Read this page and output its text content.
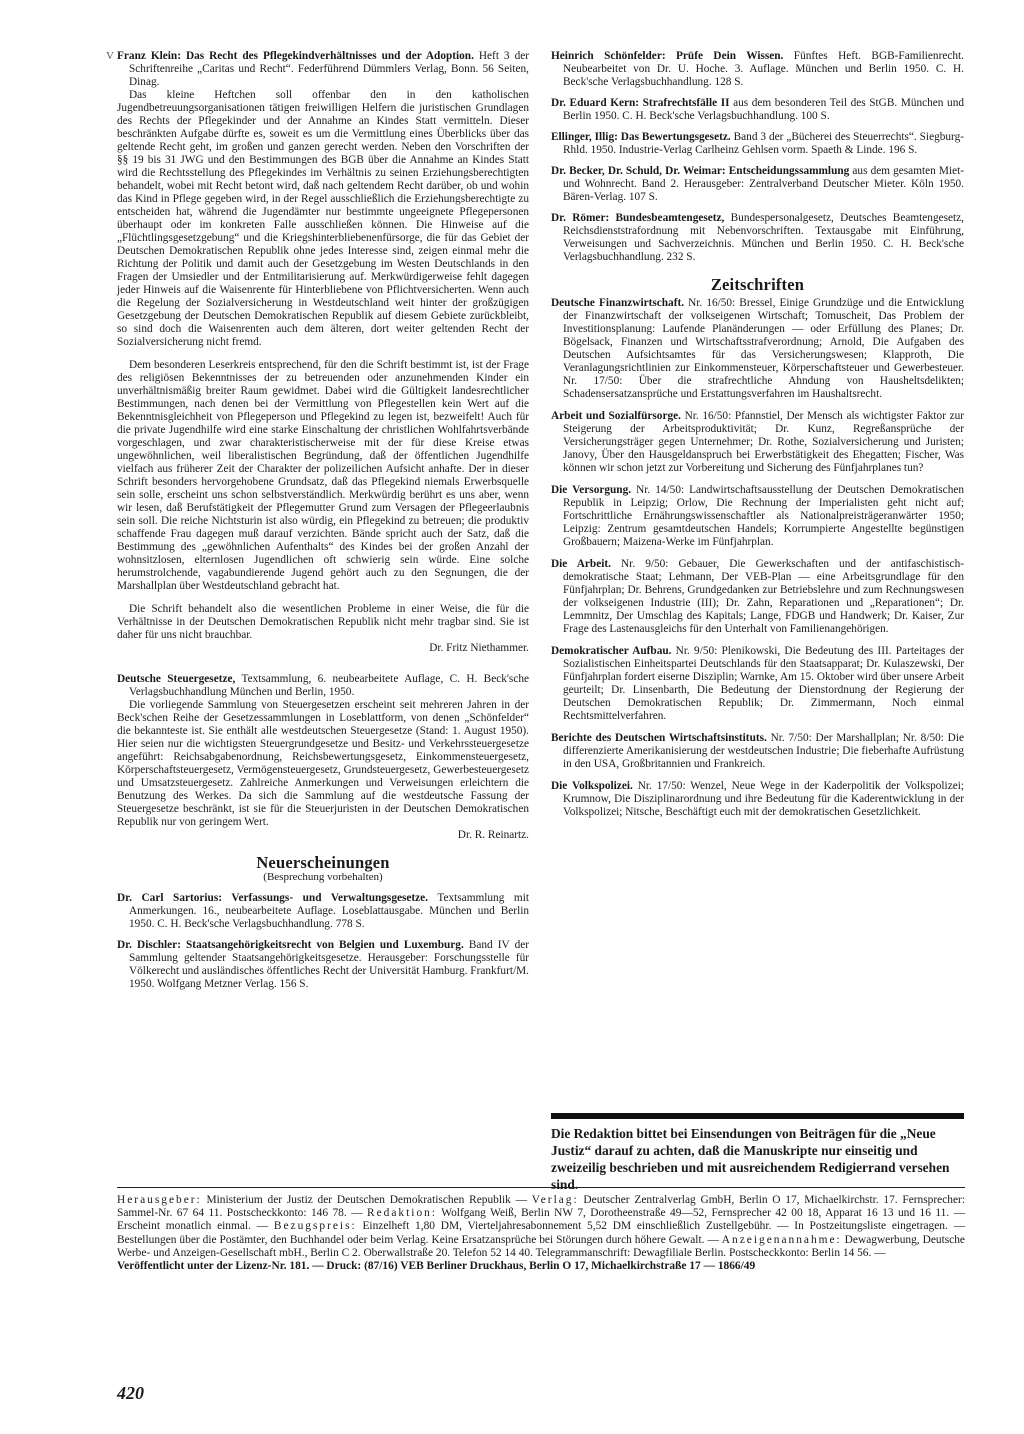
V Franz Klein: Das Recht des Pflegekindverhältnisses und der Adoption. Heft 3 der Schriftenreihe „Caritas und Recht“. Federführend Dümmlers Verlag, Bonn. 56 Seiten, Dinag.

Das kleine Heftchen soll offenbar den in den katholischen Jugendbetreuungsorganisationen tätigen freiwilligen Helfern die juristischen Grundlagen des Rechts der Pflegekinder und der Annahme an Kindes Statt vermitteln. Dieser beschränkten Aufgabe dürfte es, soweit es um die Vermittlung eines Überblicks über das geltende Recht geht, im großen und ganzen gerecht werden. Neben den Vorschriften der §§ 19 bis 31 JWG und den Bestimmungen des BGB über die Annahme an Kindes Statt wird die Rechtsstellung des Pflegekindes im Verhältnis zu seinen Erziehungsberechtigten behandelt, wobei mit Recht betont wird, daß nach geltendem Recht darüber, ob und wohin das Kind in Pflege gegeben wird, in der Regel ausschließlich die Erziehungsberechtigte zu entscheiden hat, während die Jugendämter nur bestimmte ungeeignete Pflegepersonen überhaupt oder im konkreten Falle ausschließen können. Die Hinweise auf die „Flüchtlingsgesetzgebung“ und die Kriegshinterbliebenenfürsorge, die für das Gebiet der Deutschen Demokratischen Republik ohne jedes Interesse sind, zeigen einmal mehr die Richtung der Politik und damit auch der Gesetzgebung im Westen Deutschlands in den Fragen der Umsiedler und der Entmilitarisierung auf. Merkwürdigerweise fehlt dagegen jeder Hinweis auf die Waisenrente für Hinterbliebene von Pflichtversicherten. Wenn auch die Regelung der Sozialversicherung in Westdeutschland weit hinter der großzügigen Gesetzgebung der Deutschen Demokratischen Republik auf diesem Gebiete zurückbleibt, so sind doch die Waisenrenten auch dem älteren, dort weiter geltenden Recht der Sozialversicherung nicht fremd.

Dem besonderen Leserkreis entsprechend, für den die Schrift bestimmt ist, ist der Frage des religiösen Bekenntnisses der zu betreuenden oder anzunehmenden Kinder ein unverhältnismäßig breiter Raum gewidmet. Dabei wird die Gültigkeit landesrechtlicher Bestimmungen, nach denen bei der Vermittlung von Pflegestellen kein Wert auf die Bekenntnisgleichheit von Pflegeperson und Pflegekind zu legen ist, bezweifelt! Auch für die private Jugendhilfe wird eine starke Einschaltung der christlichen Wohlfahrtsverbände vorgeschlagen, und zwar charakteristischerweise mit der für diese Kreise etwas ungewöhnlichen, weil liberalistischen Begründung, daß der öffentlichen Jugendhilfe vielfach aus früherer Zeit der Charakter der polizeilichen Aufsicht anhafte. Der in dieser Schrift besonders hervorgehobene Grundsatz, daß das Pflegekind niemals Erwerbsquelle sein solle, erscheint uns schon selbstverständlich. Merkwürdig berührt es uns aber, wenn wir lesen, daß Berufstätigkeit der Pflegemutter Grund zum Versagen der Pflegeerlaubnis sein soll. Die reiche Nichtsturin ist also würdig, ein Pflegekind zu betreuen; die produktiv schaffende Frau dagegen muß darauf verzichten. Bände spricht auch der Satz, daß die Bestimmung des „gewöhnlichen Aufenthalts“ des Kindes bei der großen Anzahl der wohnsitzlosen, elternlosen Jugendlichen oft schwierig sein würde. Eine solche herumstrolchende, vagabundierende Jugend gehört auch zu den Segnungen, die der Marshallplan über Westdeutschland gebracht hat.

Die Schrift behandelt also die wesentlichen Probleme in einer Weise, die für die Verhältnisse in der Deutschen Demokratischen Republik nicht mehr tragbar sind. Sie ist daher für uns nicht brauchbar.

Dr. Fritz Niethammer.

Deutsche Steuergesetze, Textsammlung, 6. neubearbeitete Auflage, C. H. Beck'sche Verlagsbuchhandlung München und Berlin, 1950.

Die vorliegende Sammlung von Steuergesetzen erscheint seit mehreren Jahren in der Beck'schen Reihe der Gesetzessammlungen in Loseblattform, von denen „Schönfelder“ die bekannteste ist. Sie enthält alle westdeutschen Steuergesetze (Stand: 1. August 1950). Hier seien nur die wichtigsten Steuergrundgesetze und Besitz- und Verkehrssteuergesetze angeführt: Reichsabgabenordnung, Reichsbewertungsgesetz, Einkommensteuergesetz, Körperschaftsteuergesetz, Vermögensteuergesetz, Grundsteuergesetz, Gewerbesteuergesetz und Umsatzsteuergesetz. Zahlreiche Anmerkungen und Verweisungen erleichtern die Benutzung des Werkes. Da sich die Sammlung auf die westdeutsche Fassung der Steuergesetze beschränkt, ist sie für die Steuerjuristen in der Deutschen Demokratischen Republik nur von geringem Wert.

Dr. R. Reinartz.

Neuerscheinungen

(Besprechung vorbehalten)

Dr. Carl Sartorius: Verfassungs- und Verwaltungsgesetze. Textsammlung mit Anmerkungen. 16., neubearbeitete Auflage. Loseblattausgabe. München und Berlin 1950. C. H. Beck'sche Verlagsbuchhandlung. 778 S.

Dr. Dischler: Staatsangehörigkeitsrecht von Belgien und Luxemburg. Band IV der Sammlung geltender Staatsangehörigkeitsgesetze. Herausgeber: Forschungsstelle für Völkerecht und ausländisches öffentliches Recht der Universität Hamburg. Frankfurt/M. 1950. Wolfgang Metzner Verlag. 156 S.

Heinrich Schönfelder: Prüfe Dein Wissen. Fünftes Heft. BGB-Familienrecht. Neubearbeitet von Dr. U. Hoche. 3. Auflage. München und Berlin 1950. C. H. Beck'sche Verlagsbuchhandlung. 128 S.

Dr. Eduard Kern: Strafrechtsfälle II aus dem besonderen Teil des StGB. München und Berlin 1950. C. H. Beck'sche Verlagsbuchhandlung. 100 S.

Ellinger, Illig: Das Bewertungsgesetz. Band 3 der „Bücherei des Steuerrechts“. Siegburg-Rhld. 1950. Industrie-Verlag Carlheinz Gehlsen vorm. Spaeth & Linde. 196 S.

Dr. Becker, Dr. Schuld, Dr. Weimar: Entscheidungssammlung aus dem gesamten Miet- und Wohnrecht. Band 2. Herausgeber: Zentralverband Deutscher Mieter. Köln 1950. Bären-Verlag. 107 S.

Dr. Römer: Bundesbeamtengesetz, Bundespersonalgesetz, Deutsches Beamtengesetz, Reichsdienststrafordnung mit Nebenvorschriften. Textausgabe mit Einführung, Verweisungen und Sachverzeichnis. München und Berlin 1950. C. H. Beck'sche Verlagsbuchhandlung. 232 S.

Zeitschriften

Deutsche Finanzwirtschaft. Nr. 16/50: Bressel, Einige Grundzüge und die Entwicklung der Finanzwirtschaft der volkseigenen Wirtschaft; Tomuscheit, Das Problem der Investitionsplanung: Laufende Planänderungen — oder Erfüllung des Planes; Dr. Bögelsack, Finanzen und Wirtschaftsstrafverordnung; Arnold, Die Aufgaben des Deutschen Aufsichtsamtes für das Versicherungswesen; Klapproth, Die Veranlagungsrichtlinien zur Einkommensteuer, Körperschaftsteuer und Gewerbesteuer. Nr. 17/50: Über die strafrechtliche Ahndung von Hausheltsdelikten; Schadensersatzansprüche und Erstattungsverfahren im Haushaltsrecht.

Arbeit und Sozialfürsorge. Nr. 16/50: Pfannstiel, Der Mensch als wichtigster Faktor zur Steigerung der Arbeitsproduktivität; Dr. Kunz, Regreßansprüche der Versicherungsträger gegen Unternehmer; Dr. Rothe, Sozialversicherung und Juristen; Janovy, Über den Hausgeldanspruch bei Erwerbstätigkeit des Ehegatten; Fischer, Was können wir schon jetzt zur Vorbereitung und Sicherung des Fünfjahrplanes tun?

Die Versorgung. Nr. 14/50: Landwirtschaftsausstellung der Deutschen Demokratischen Republik in Leipzig; Orlow, Die Rechnung der Imperialisten geht nicht auf; Fortschrittliche Ernährungswissenschaftler als Nationalpreisträgeranwärter 1950; Leipzig: Zentrum gesamtdeutschen Handels; Korrumpierte Angestellte begünstigen Großbauern; Maizena-Werke im Fünfjahrplan.

Die Arbeit. Nr. 9/50: Gebauer, Die Gewerkschaften und der antifaschistisch-demokratische Staat; Lehmann, Der VEB-Plan — eine Arbeitsgrundlage für den Fünfjahrplan; Dr. Behrens, Grundgedanken zur Betriebslehre und zum Rechnungswesen der volkseigenen Industrie (III); Dr. Zahn, Reparationen und „Reparationen“; Dr. Lemmnitz, Der Umschlag des Kapitals; Lange, FDGB und Handwerk; Dr. Kaiser, Zur Frage des Lastenausgleichs für den Unterhalt von Familienangehörigen.

Demokratischer Aufbau. Nr. 9/50: Plenikowski, Die Bedeutung des III. Parteitages der Sozialistischen Einheitspartei Deutschlands für den Staatsapparat; Dr. Kulaszewski, Der Fünfjahrplan fordert eiserne Disziplin; Warnke, Am 15. Oktober wird über unsere Arbeit geurteilt; Dr. Linsenbarth, Die Bedeutung der Dienstordnung der Regierung der Deutschen Demokratischen Republik; Dr. Zimmermann, Noch einmal Rechtsmittelverfahren.

Berichte des Deutschen Wirtschaftsinstituts. Nr. 7/50: Der Marshallplan; Nr. 8/50: Die differenzierte Amerikanisierung der westdeutschen Industrie; Die fieberhafte Aufrüstung in den USA, Großbritannien und Frankreich.

Die Volkspolizei. Nr. 17/50: Wenzel, Neue Wege in der Kaderpolitik der Volkspolizei; Krumnow, Die Disziplinarordnung und ihre Bedeutung für die Kaderentwicklung in der Volkspolizei; Nitsche, Beschäftigt euch mit der demokratischen Gesetzlichkeit.

Die Redaktion bittet bei Einsendungen von Beiträgen für die „Neue Justiz“ darauf zu achten, daß die Manuskripte nur einseitig und zweizeilig beschrieben und mit ausreichendem Redigierrand versehen sind.

Herausgeber: Ministerium der Justiz der Deutschen Demokratischen Republik — Verlag: Deutscher Zentralverlag GmbH, Berlin O 17, Michaelkirchstr. 17. Fernsprecher: Sammel-Nr. 67 64 11. Postscheckkonto: 146 78. — Redaktion: Wolfgang Weiß, Berlin NW 7, Dorotheenstraße 49—52, Fernsprecher 42 00 18, Apparat 16 13 und 16 11. — Erscheint monatlich einmal. — Bezugspreis: Einzelheft 1,80 DM, Vierteljahresabonnement 5,52 DM einschließlich Zustellgebühr. — In Postzeitungsliste eingetragen. — Bestellungen über die Postämter, den Buchhandel oder beim Verlag. Keine Ersatzansprüche bei Störungen durch höhere Gewalt. — Anzeigenannahme: Dewagwerbung, Deutsche Werbe- und Anzeigen-Gesellschaft mbH., Berlin C 2. Oberwallstraße 20. Telefon 52 14 40. Telegrammanschrift: Dewagfiliale Berlin. Postscheckkonto: Berlin 14 56. —

Veröffentlicht unter der Lizenz-Nr. 181. — Druck: (87/16) VEB Berliner Druckhaus, Berlin O 17, Michaelkirchstraße 17 — 1866/49

420
